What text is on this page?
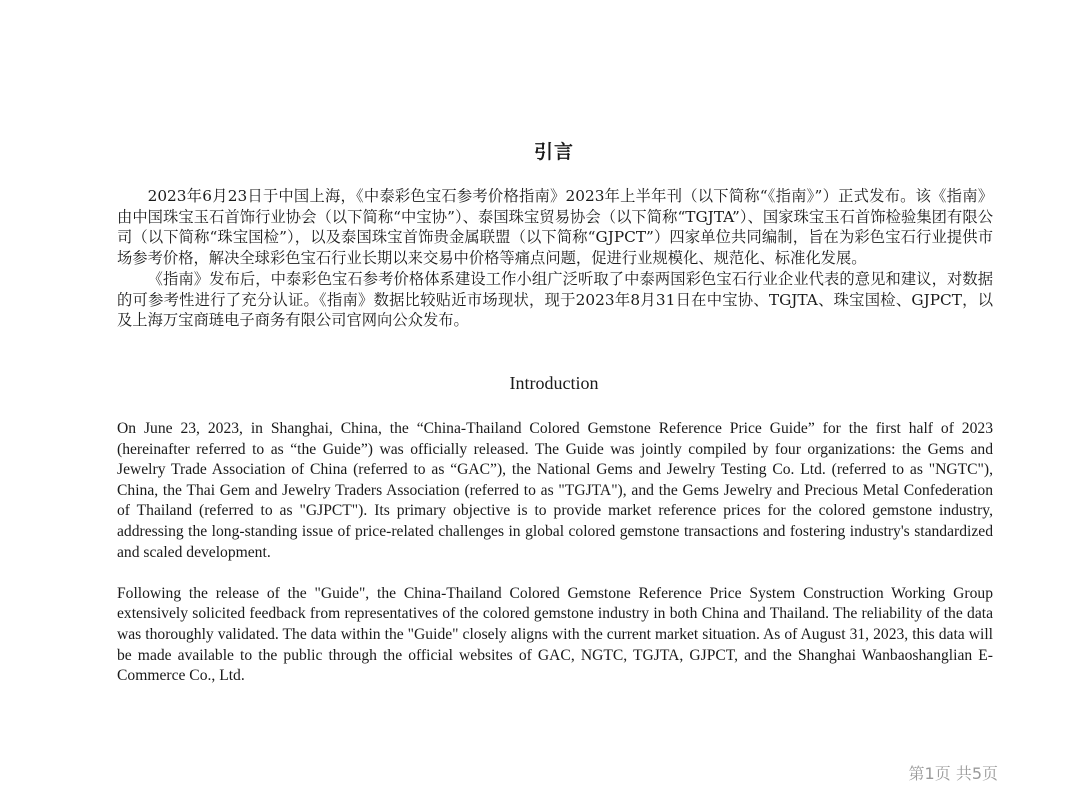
引言

2023年6月23日于中国上海，《中泰彩色宝石参考价格指南》2023年上半年刊（以下简称“《指南》”）正式发布。该《指南》由中国珠宝玉石首饰行业协会（以下简称“中宝协”）、泰国珠宝贸易协会（以下简称“TGJTA”）、国家珠宝玉石首饰检验集团有限公司（以下简称“珠宝国检”），以及泰国珠宝首饰贵金属联盟（以下简称“GJPCT”）四家单位共同编制，旨在为彩色宝石行业提供市场参考价格，解决全球彩色宝石行业长期以来交易中价格等痛点问题，促进行业规模化、规范化、标准化发展。

《指南》发布后，中泰彩色宝石参考价格体系建设工作小组广泛听取了中泰两国彩色宝石行业企业代表的意见和建议，对数据的可参考性进行了充分认证。《指南》数据比较贴近市场现状，现于2023年8月31日在中宝协、TGJTA、珠宝国检、GJPCT，以及上海万宝商琏电子商务有限公司官网向公众发布。

Introduction

On June 23, 2023, in Shanghai, China, the “China-Thailand Colored Gemstone Reference Price Guide” for the first half of 2023 (hereinafter referred to as “the Guide”) was officially released. The Guide was jointly compiled by four organizations: the Gems and Jewelry Trade Association of China (referred to as “GAC”), the National Gems and Jewelry Testing Co. Ltd. (referred to as "NGTC"), China, the Thai Gem and Jewelry Traders Association (referred to as "TGJTA"), and the Gems Jewelry and Precious Metal Confederation of Thailand (referred to as "GJPCT"). Its primary objective is to provide market reference prices for the colored gemstone industry, addressing the long-standing issue of price-related challenges in global colored gemstone transactions and fostering industry's standardized and scaled development.

Following the release of the "Guide", the China-Thailand Colored Gemstone Reference Price System Construction Working Group extensively solicited feedback from representatives of the colored gemstone industry in both China and Thailand. The reliability of the data was thoroughly validated. The data within the "Guide" closely aligns with the current market situation. As of August 31, 2023, this data will be made available to the public through the official websites of GAC, NGTC, TGJTA, GJPCT, and the Shanghai Wanbaoshanglian E-Commerce Co., Ltd.

第1页 共5页
